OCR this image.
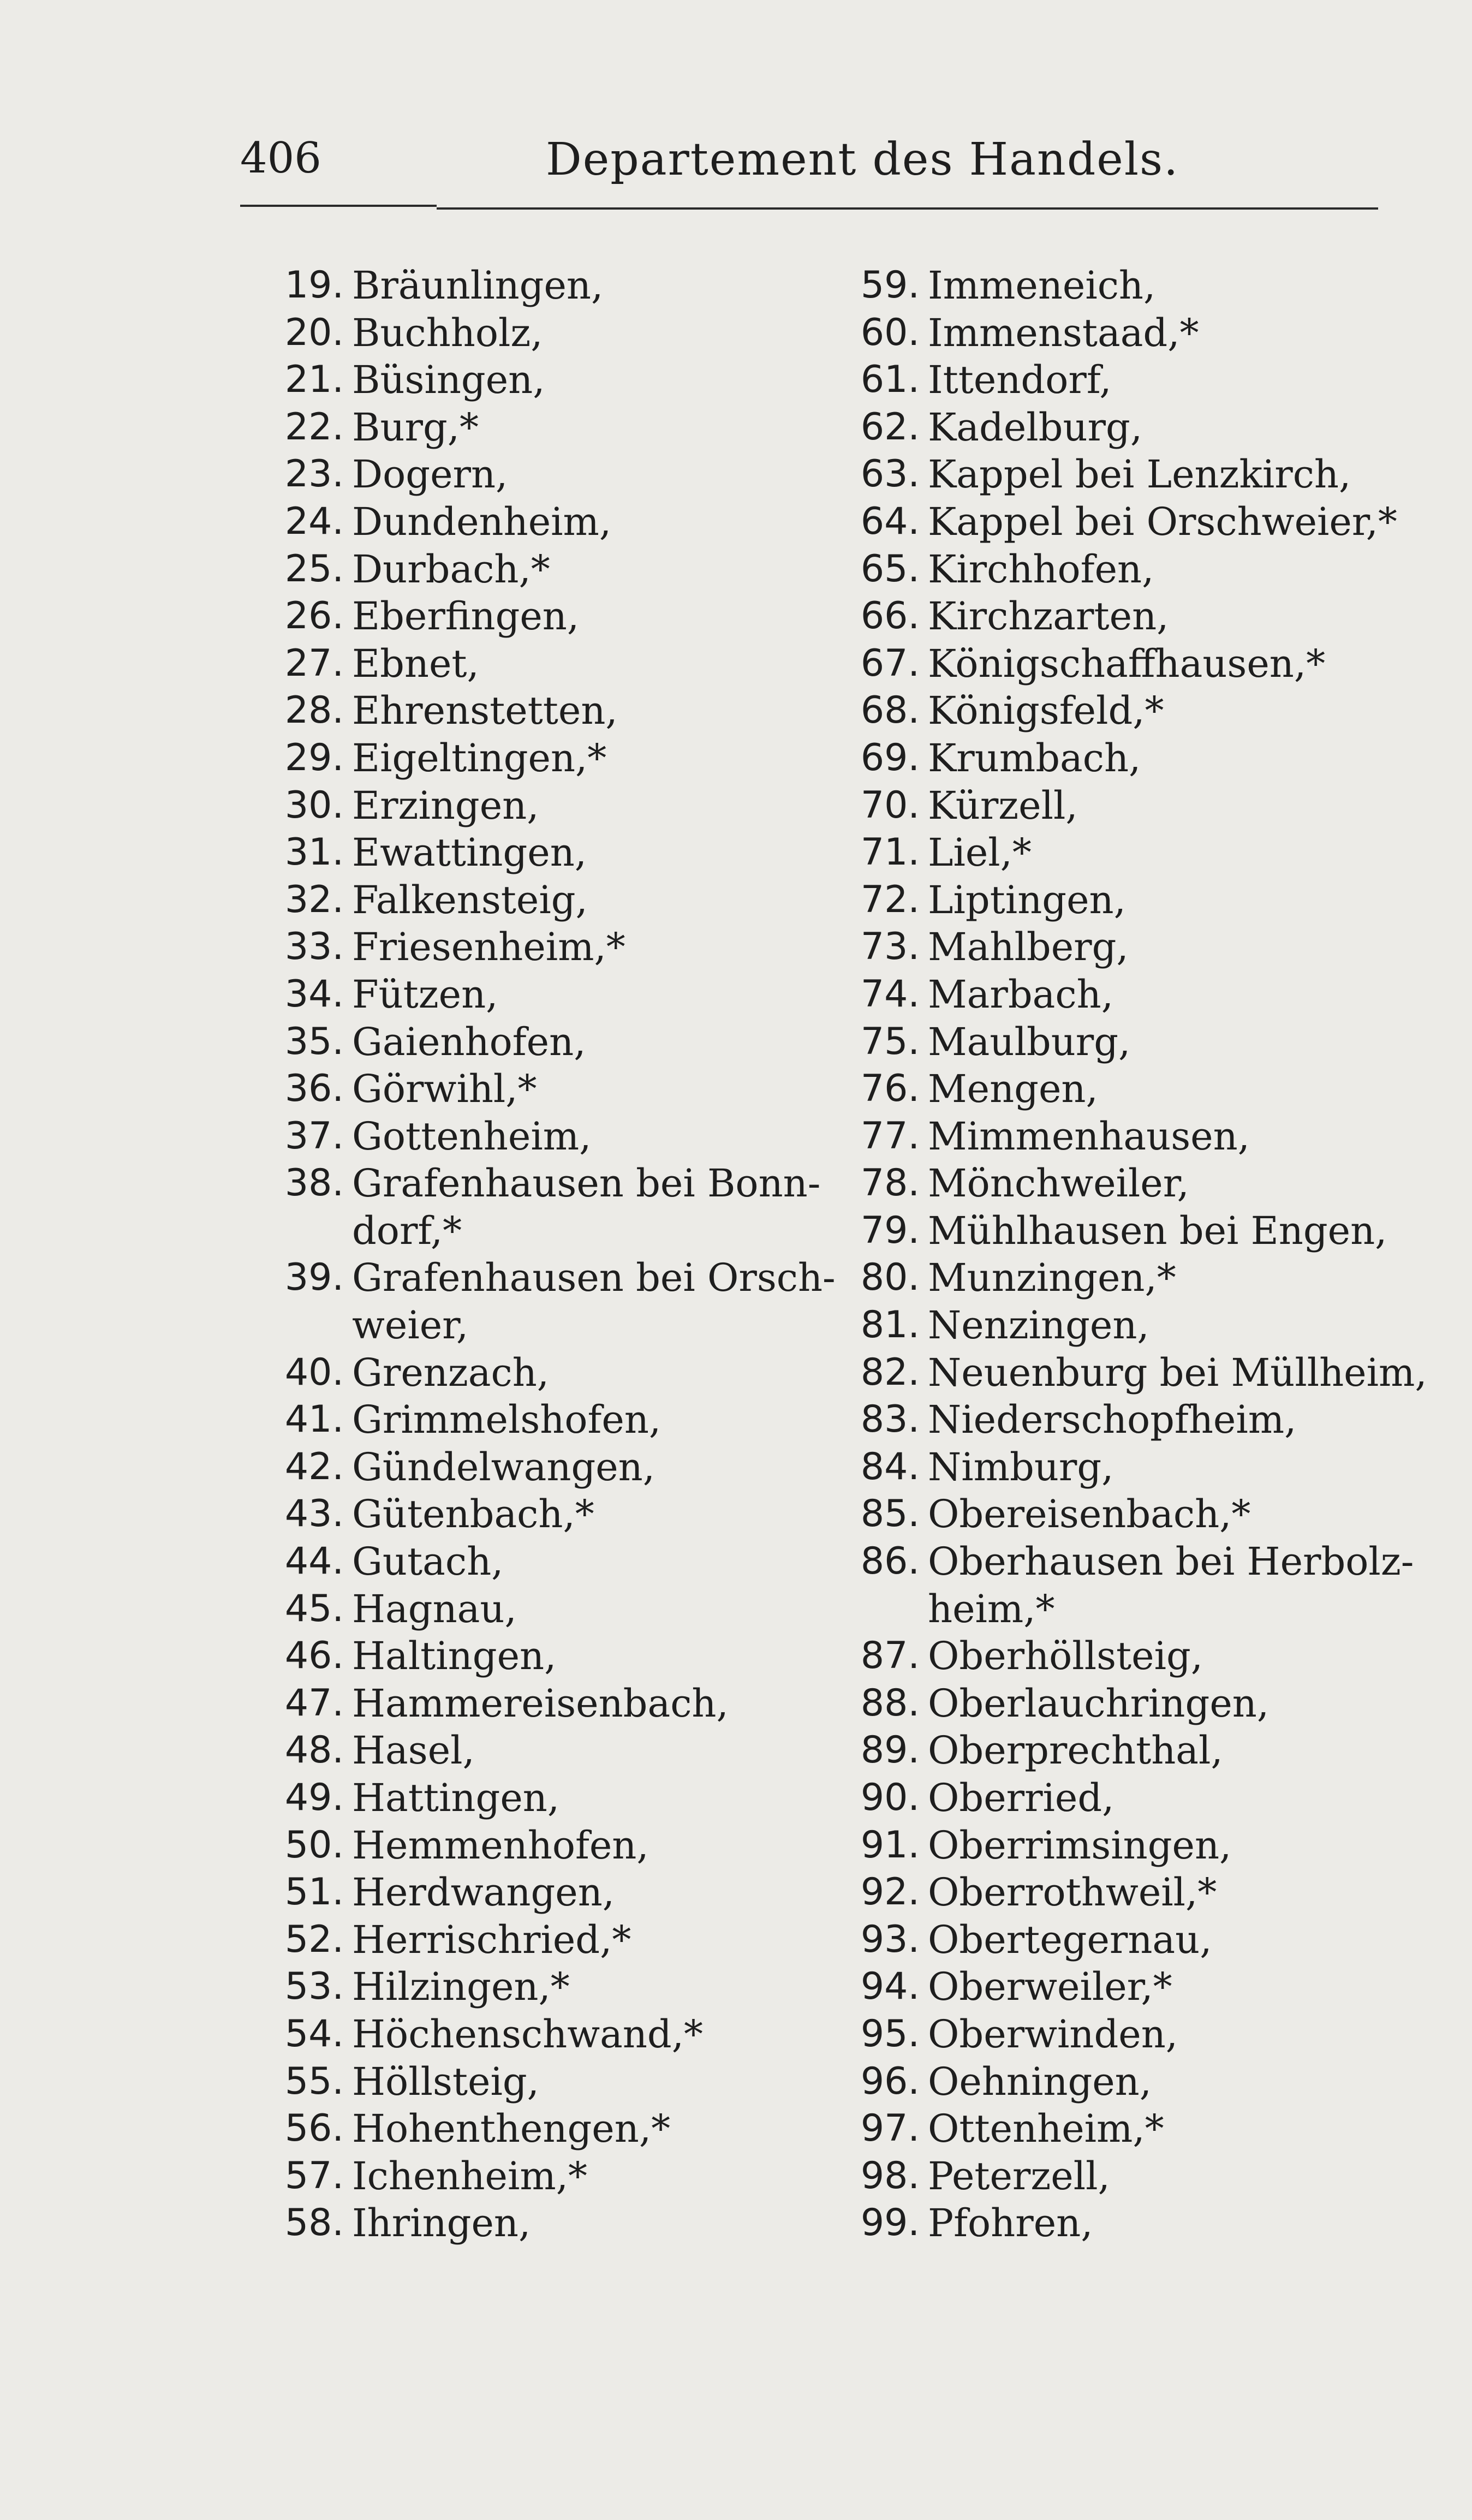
406	Departement des Handels.
19. Bräunlingen,
20. Buchholz,
21. Büsingen,
22. Burg,*
23. Dogern,
24. Dundenheim,
25. Durbach,*
26. Eberfingen,
27. Ebnet,
28. Ehrenstetten,
29. Eigeltingen,*
30. Erzingen,
31. Ewattingen,
32. Falkensteig,
33. Friesenheim,*
34. Fützen,
35. Gaienhofen,
36. Görwihl,*
37. Gottenheim,
38. Grafenhausen bei Bonn-
dorf,*
39. Grafenhausen bei Orsch-
weier,
40. Grenzach,
41. Grimmelshofen,
42. Gündelwangen,
43. Gütenbach,*
44. Gutach,
45. Hagnau,
46. Haltingen,
47. Hammereisenbach,
48. Hasel,
49. Hattingen,
50. Hemmenhofen,
51. Herdwangen,
52. Herrischried,*
53. Hilzingen,*
54. Höchenschwand,*
55. Höllsteig,
56. Hohenthengen,*
57. Ichenheim,*
58. Ihringen,
59. Immeneich,
60. Immenstaad,*
61. Ittendorf,
62. Kadelburg,
63. Kappel bei Lenzkirch,
64. Kappel bei Orschweier,*
65. Kirchhofen,
66. Kirchzarten,
67. Königschaffhausen,*
68. Königsfeld,*
69. Krumbach,
70. Kürzell,
71. Liel,*
72. Liptingen,
73. Mahlberg,
74. Marbach,
75. Maulburg,
76. Mengen,
77. Mimmenhausen,
78. Mönchweiler,
79. Mühlhausen bei Engen,
80. Munzingen,*
81. Nenzingen,
82. Neuenburg bei Müllheim,
83. Niederschopfheim,
84. Nimburg,
85. Obereisenbach,*
86. Oberhausen bei Herbolz-
heim,*
87. Oberhöllsteig,
88. Oberlauchringen,
89. Oberprechthal,
90. Oberried,
91. Oberrimsingen,
92. Oberrothweil,*
93. Obertegernau,
94. Oberweiler,*
95. Oberwinden,
96. Oehningen,
97. Ottenheim,*
98. Peterzell,
99. Pfohren,
